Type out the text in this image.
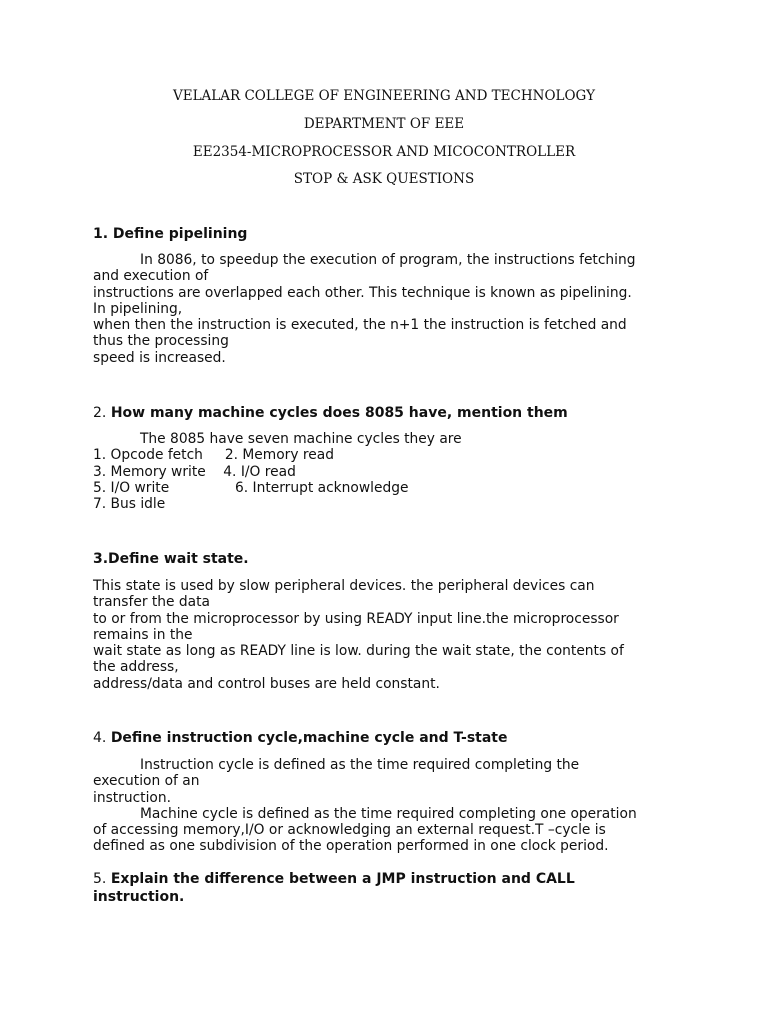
VELALAR COLLEGE OF ENGINEERING AND TECHNOLOGY
DEPARTMENT OF EEE
EE2354-MICROPROCESSOR AND MICOCONTROLLER
STOP & ASK QUESTIONS
1. Define pipelining
In 8086, to speedup the execution of program, the instructions fetching
and execution of
instructions are overlapped each other. This technique is known as pipelining.
In pipelining,
when then the instruction is executed, the n+1 the instruction is fetched and
thus the processing
speed is increased.
2. How many machine cycles does 8085 have, mention them
The 8085 have seven machine cycles they are
1. Opcode fetch     2. Memory read
3. Memory write    4. I/O read
5. I/O write               6. Interrupt acknowledge
7. Bus idle
3.Define wait state.
This state is used by slow peripheral devices. the peripheral devices can
transfer the data
to or from the microprocessor by using READY input line.the microprocessor
remains in the
wait state as long as READY line is low. during the wait state, the contents of
the address,
address/data and control buses are held constant.
4. Define instruction cycle,machine cycle and T-state
Instruction cycle is defined as the time required completing the
execution of an
instruction.
Machine cycle is defined as the time required completing one operation
of accessing memory,I/O or acknowledging an external request.T –cycle is
defined as one subdivision of the operation performed in one clock period.
5. Explain the difference between a JMP instruction and CALL instruction.
